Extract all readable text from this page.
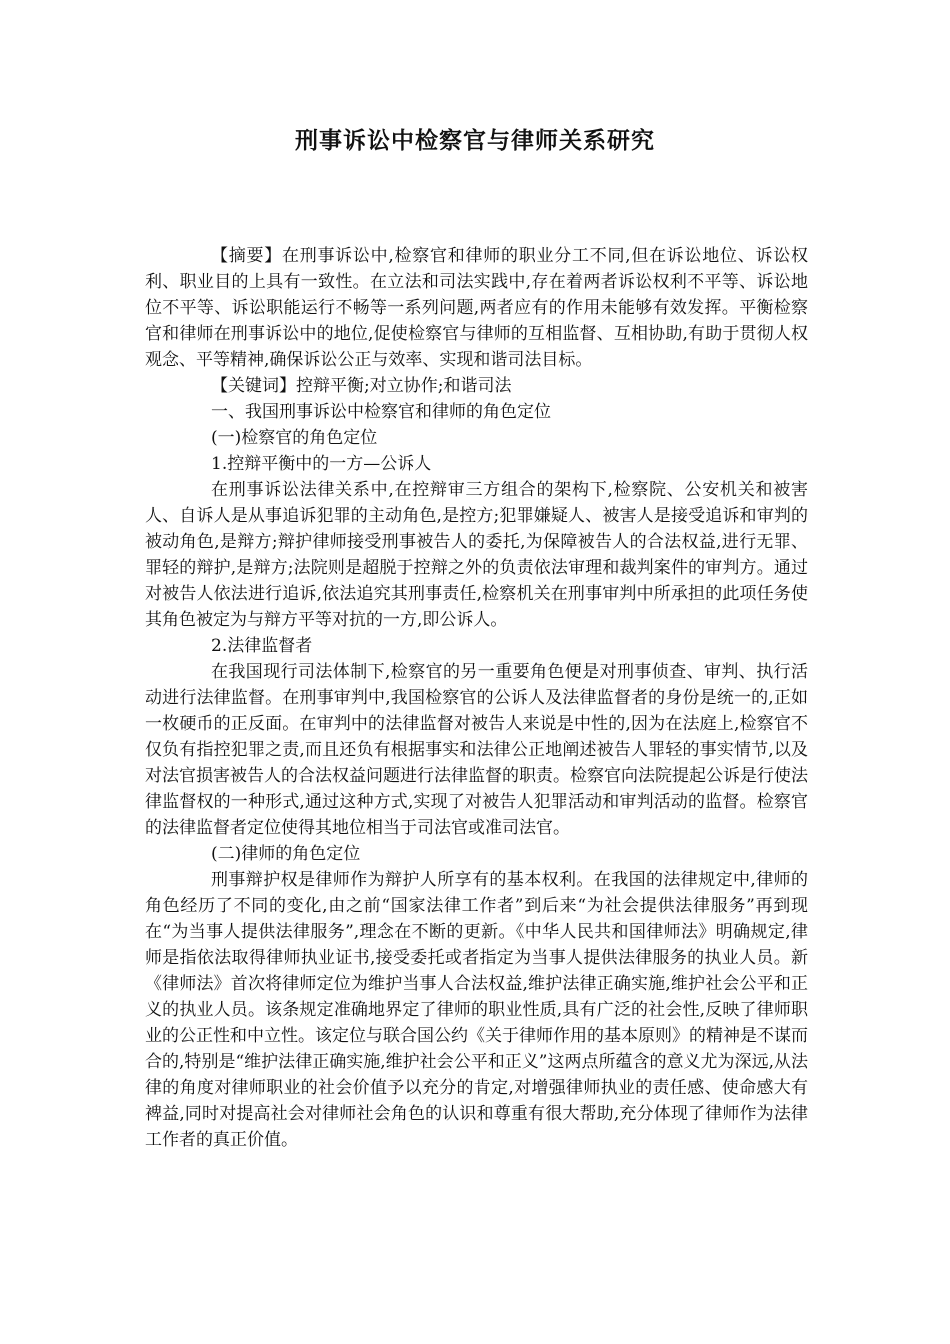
刑事诉讼中检察官与律师关系研究

【摘要】在刑事诉讼中,检察官和律师的职业分工不同,但在诉讼地位、诉讼权利、职业目的上具有一致性。在立法和司法实践中,存在着两者诉讼权利不平等、诉讼地位不平等、诉讼职能运行不畅等一系列问题,两者应有的作用未能够有效发挥。平衡检察官和律师在刑事诉讼中的地位,促使检察官与律师的互相监督、互相协助,有助于贯彻人权观念、平等精神,确保诉讼公正与效率、实现和谐司法目标。

【关键词】控辩平衡;对立协作;和谐司法

一、我国刑事诉讼中检察官和律师的角色定位

(一)检察官的角色定位

1.控辩平衡中的一方—公诉人

在刑事诉讼法律关系中,在控辩审三方组合的架构下,检察院、公安机关和被害人、自诉人是从事追诉犯罪的主动角色,是控方;犯罪嫌疑人、被害人是接受追诉和审判的被动角色,是辩方;辩护律师接受刑事被告人的委托,为保障被告人的合法权益,进行无罪、罪轻的辩护,是辩方;法院则是超脱于控辩之外的负责依法审理和裁判案件的审判方。通过对被告人依法进行追诉,依法追究其刑事责任,检察机关在刑事审判中所承担的此项任务使其角色被定为与辩方平等对抗的一方,即公诉人。

2.法律监督者

在我国现行司法体制下,检察官的另一重要角色便是对刑事侦查、审判、执行活动进行法律监督。在刑事审判中,我国检察官的公诉人及法律监督者的身份是统一的,正如一枚硬币的正反面。在审判中的法律监督对被告人来说是中性的,因为在法庭上,检察官不仅负有指控犯罪之责,而且还负有根据事实和法律公正地阐述被告人罪轻的事实情节,以及对法官损害被告人的合法权益问题进行法律监督的职责。检察官向法院提起公诉是行使法律监督权的一种形式,通过这种方式,实现了对被告人犯罪活动和审判活动的监督。检察官的法律监督者定位使得其地位相当于司法官或准司法官。

(二)律师的角色定位

刑事辩护权是律师作为辩护人所享有的基本权利。在我国的法律规定中,律师的角色经历了不同的变化,由之前“国家法律工作者”到后来“为社会提供法律服务”再到现在“为当事人提供法律服务”,理念在不断的更新。《中华人民共和国律师法》明确规定,律师是指依法取得律师执业证书,接受委托或者指定为当事人提供法律服务的执业人员。新《律师法》首次将律师定位为维护当事人合法权益,维护法律正确实施,维护社会公平和正义的执业人员。该条规定准确地界定了律师的职业性质,具有广泛的社会性,反映了律师职业的公正性和中立性。该定位与联合国公约《关于律师作用的基本原则》的精神是不谋而合的,特别是“维护法律正确实施,维护社会公平和正义”这两点所蕴含的意义尤为深远,从法律的角度对律师职业的社会价值予以充分的肯定,对增强律师执业的责任感、使命感大有裨益,同时对提高社会对律师社会角色的认识和尊重有很大帮助,充分体现了律师作为法律工作者的真正价值。
